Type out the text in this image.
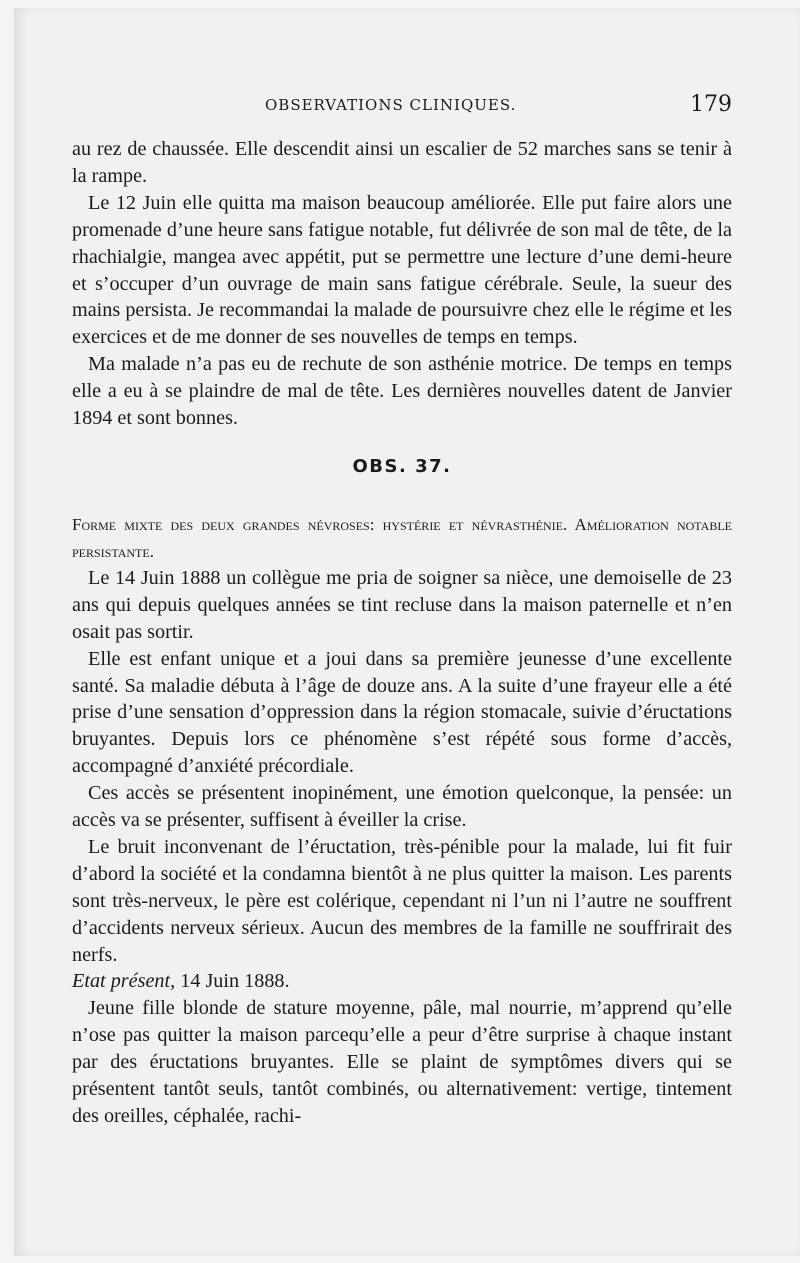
OBSERVATIONS CLINIQUES.	179

au rez de chaussée. Elle descendit ainsi un escalier de 52 marches sans se tenir à la rampe.

Le 12 Juin elle quitta ma maison beaucoup améliorée. Elle put faire alors une promenade d’une heure sans fatigue notable, fut délivrée de son mal de tête, de la rhachialgie, mangea avec appétit, put se permettre une lecture d’une demi-heure et s’occuper d’un ouvrage de main sans fatigue cérébrale. Seule, la sueur des mains persista. Je recommandai la malade de poursuivre chez elle le régime et les exercices et de me donner de ses nouvelles de temps en temps.

Ma malade n’a pas eu de rechute de son asthénie motrice. De temps en temps elle a eu à se plaindre de mal de tête. Les dernières nouvelles datent de Janvier 1894 et sont bonnes.

OBS. 37.

Forme mixte des deux grandes névroses: hystérie et névrasthénie. Amélioration notable persistante.

Le 14 Juin 1888 un collègue me pria de soigner sa nièce, une demoiselle de 23 ans qui depuis quelques années se tint recluse dans la maison paternelle et n’en osait pas sortir.

Elle est enfant unique et a joui dans sa première jeunesse d’une excellente santé. Sa maladie débuta à l’âge de douze ans. A la suite d’une frayeur elle a été prise d’une sensation d’oppression dans la région stomacale, suivie d’éructations bruyantes. Depuis lors ce phénomène s’est répété sous forme d’accès, accompagné d’anxiété précordiale.

Ces accès se présentent inopinément, une émotion quelconque, la pensée: un accès va se présenter, suffisent à éveiller la crise.

Le bruit inconvenant de l’éructation, très-pénible pour la malade, lui fit fuir d’abord la société et la condamna bientôt à ne plus quitter la maison. Les parents sont très-nerveux, le père est colérique, cependant ni l’un ni l’autre ne souffrent d’accidents nerveux sérieux. Aucun des membres de la famille ne souffrirait des nerfs.

Etat présent, 14 Juin 1888.

Jeune fille blonde de stature moyenne, pâle, mal nourrie, m’apprend qu’elle n’ose pas quitter la maison parcequ’elle a peur d’être surprise à chaque instant par des éructations bruyantes. Elle se plaint de symptômes divers qui se présentent tantôt seuls, tantôt combinés, ou alternativement: vertige, tintement des oreilles, céphalée, rachi-
